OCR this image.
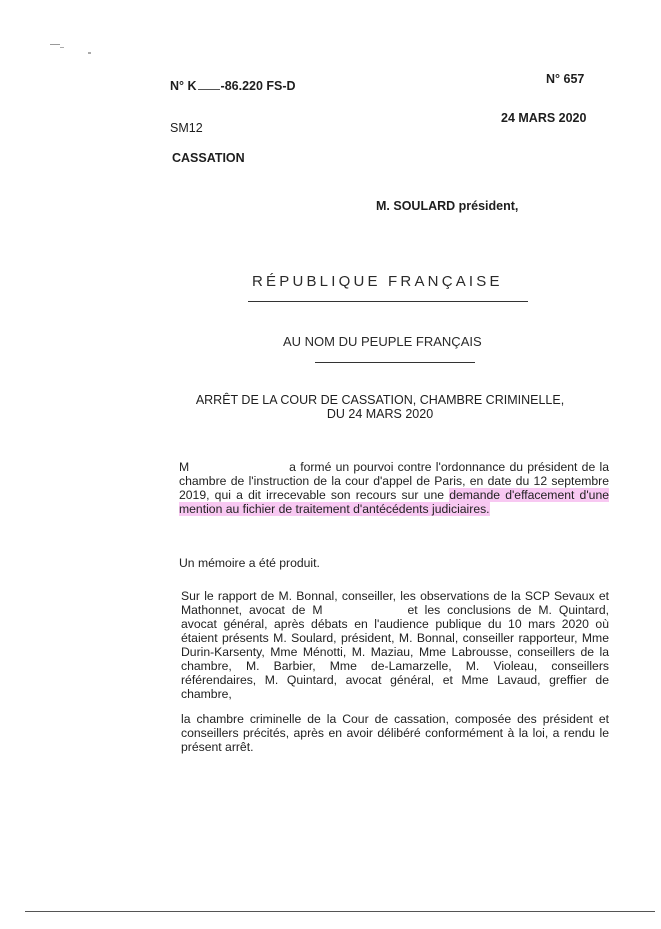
N° K -86.220 FS-D	N° 657
SM12
24 MARS 2020
CASSATION
M. SOULARD président,
RÉPUBLIQUE FRANÇAISE
AU NOM DU PEUPLE FRANÇAIS
ARRÊT DE LA COUR DE CASSATION, CHAMBRE CRIMINELLE,
DU 24 MARS 2020
M	a formé un pourvoi contre l'ordonnance du président de la chambre de l'instruction de la cour d'appel de Paris, en date du 12 septembre 2019, qui a dit irrecevable son recours sur une demande d'effacement d'une mention au fichier de traitement d'antécédents judiciaires.
Un mémoire a été produit.
Sur le rapport de M. Bonnal, conseiller, les observations de la SCP Sevaux et Mathonnet, avocat de M	et les conclusions de M. Quintard, avocat général, après débats en l'audience publique du 10 mars 2020 où étaient présents M. Soulard, président, M. Bonnal, conseiller rapporteur, Mme Durin-Karsenty, Mme Ménotti, M. Maziau, Mme Labrousse, conseillers de la chambre, M. Barbier, Mme de-Lamarzelle, M. Violeau, conseillers référendaires, M. Quintard, avocat général, et Mme Lavaud, greffier de chambre,
la chambre criminelle de la Cour de cassation, composée des président et conseillers précités, après en avoir délibéré conformément à la loi, a rendu le présent arrêt.
